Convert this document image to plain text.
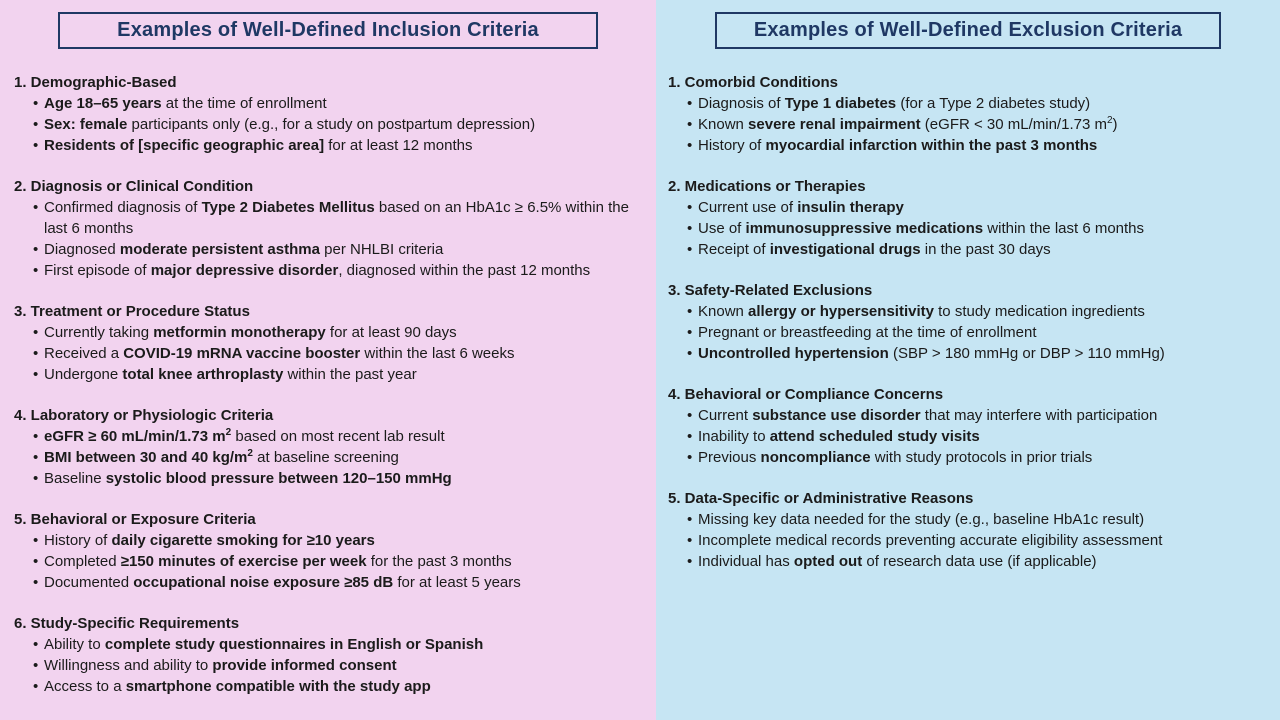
Examples of Well-Defined Inclusion Criteria
1. Demographic-Based
• Age 18–65 years at the time of enrollment
• Sex: female participants only (e.g., for a study on postpartum depression)
• Residents of [specific geographic area] for at least 12 months
2. Diagnosis or Clinical Condition
• Confirmed diagnosis of Type 2 Diabetes Mellitus based on an HbA1c ≥ 6.5% within the last 6 months
• Diagnosed moderate persistent asthma per NHLBI criteria
• First episode of major depressive disorder, diagnosed within the past 12 months
3. Treatment or Procedure Status
• Currently taking metformin monotherapy for at least 90 days
• Received a COVID-19 mRNA vaccine booster within the last 6 weeks
• Undergone total knee arthroplasty within the past year
4. Laboratory or Physiologic Criteria
• eGFR ≥ 60 mL/min/1.73 $m^2$ based on most recent lab result
• BMI between 30 and 40 $kg/m^2$ at baseline screening
• Baseline systolic blood pressure between 120–150 mmHg
5. Behavioral or Exposure Criteria
• History of daily cigarette smoking for ≥10 years
• Completed ≥150 minutes of exercise per week for the past 3 months
• Documented occupational noise exposure ≥85 dB for at least 5 years
6. Study-Specific Requirements
• Ability to complete study questionnaires in English or Spanish
• Willingness and ability to provide informed consent
• Access to a smartphone compatible with the study app
Examples of Well-Defined Exclusion Criteria
1. Comorbid Conditions
• Diagnosis of Type 1 diabetes (for a Type 2 diabetes study)
• Known severe renal impairment (eGFR < 30 mL/min/1.73 $m^2$)
• History of myocardial infarction within the past 3 months
2. Medications or Therapies
• Current use of insulin therapy
• Use of immunosuppressive medications within the last 6 months
• Receipt of investigational drugs in the past 30 days
3. Safety-Related Exclusions
• Known allergy or hypersensitivity to study medication ingredients
• Pregnant or breastfeeding at the time of enrollment
• Uncontrolled hypertension (SBP > 180 mmHg or DBP > 110 mmHg)
4. Behavioral or Compliance Concerns
• Current substance use disorder that may interfere with participation
• Inability to attend scheduled study visits
• Previous noncompliance with study protocols in prior trials
5. Data-Specific or Administrative Reasons
• Missing key data needed for the study (e.g., baseline HbA1c result)
• Incomplete medical records preventing accurate eligibility assessment
• Individual has opted out of research data use (if applicable)
